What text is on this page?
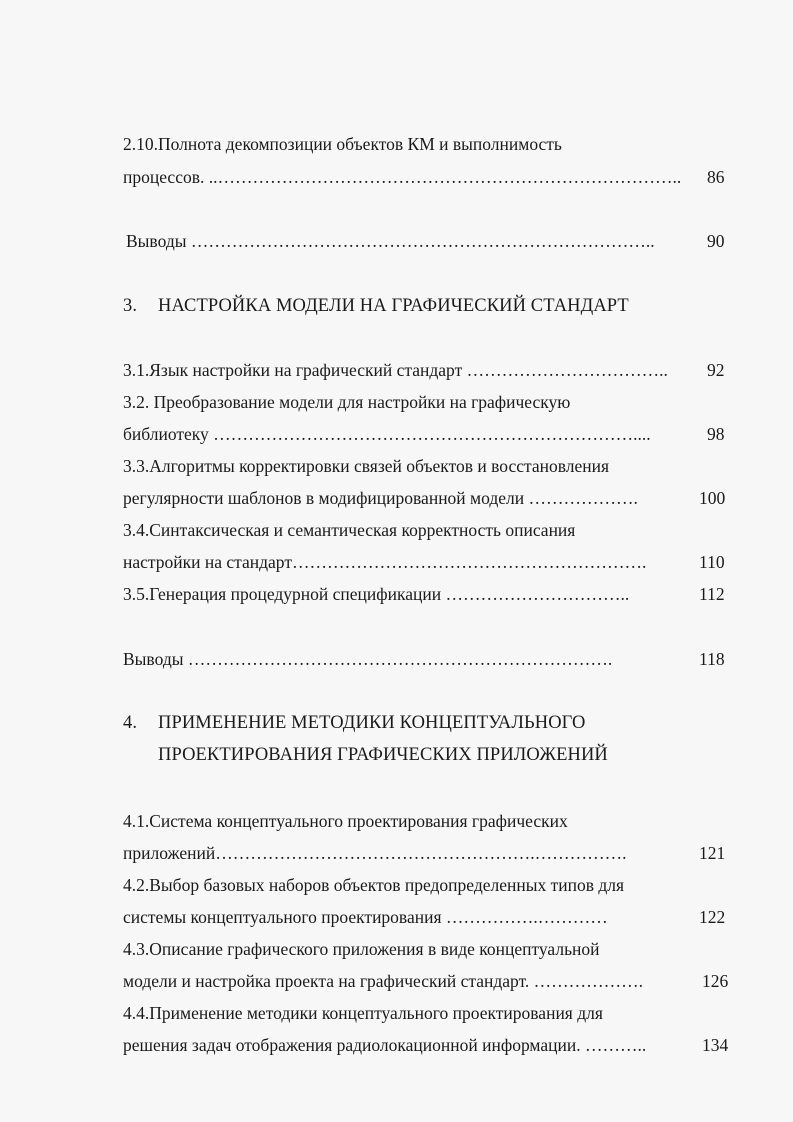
2.10.Полнота декомпозиции объектов КМ и выполнимость
процессов. ..…………………………………………………………………….. 86
Выводы ……………………………………………………………………..	90
3. НАСТРОЙКА МОДЕЛИ НА ГРАФИЧЕСКИЙ СТАНДАРТ
3.1.Язык настройки на графический стандарт …………………………….. 92
3.2. Преобразование модели для настройки на графическую
библиотеку ………………………………………………………………....	98
3.3.Алгоритмы корректировки связей объектов и восстановления
регулярности шаблонов в модифицированной модели ……………….	100
3.4.Синтаксическая и семантическая корректность описания
настройки на стандарт…………………………………………………….	110
3.5.Генерация процедурной спецификации …………………………..	112
Выводы ……………………………………………………………….	118
4. ПРИМЕНЕНИЕ МЕТОДИКИ КОНЦЕПТУАЛЬНОГО
ПРОЕКТИРОВАНИЯ ГРАФИЧЕСКИХ ПРИЛОЖЕНИЙ
4.1.Система концептуального проектирования графических
приложений……………………………………………….…………….	121
4.2.Выбор базовых наборов объектов предопределенных типов для
системы концептуального проектирования …………….…………	122
4.3.Описание графического приложения в виде концептуальной
модели и настройка проекта на графический стандарт. ……………….	126
4.4.Применение методики концептуального проектирования для
решения задач отображения радиолокационной информации. ………..	134
